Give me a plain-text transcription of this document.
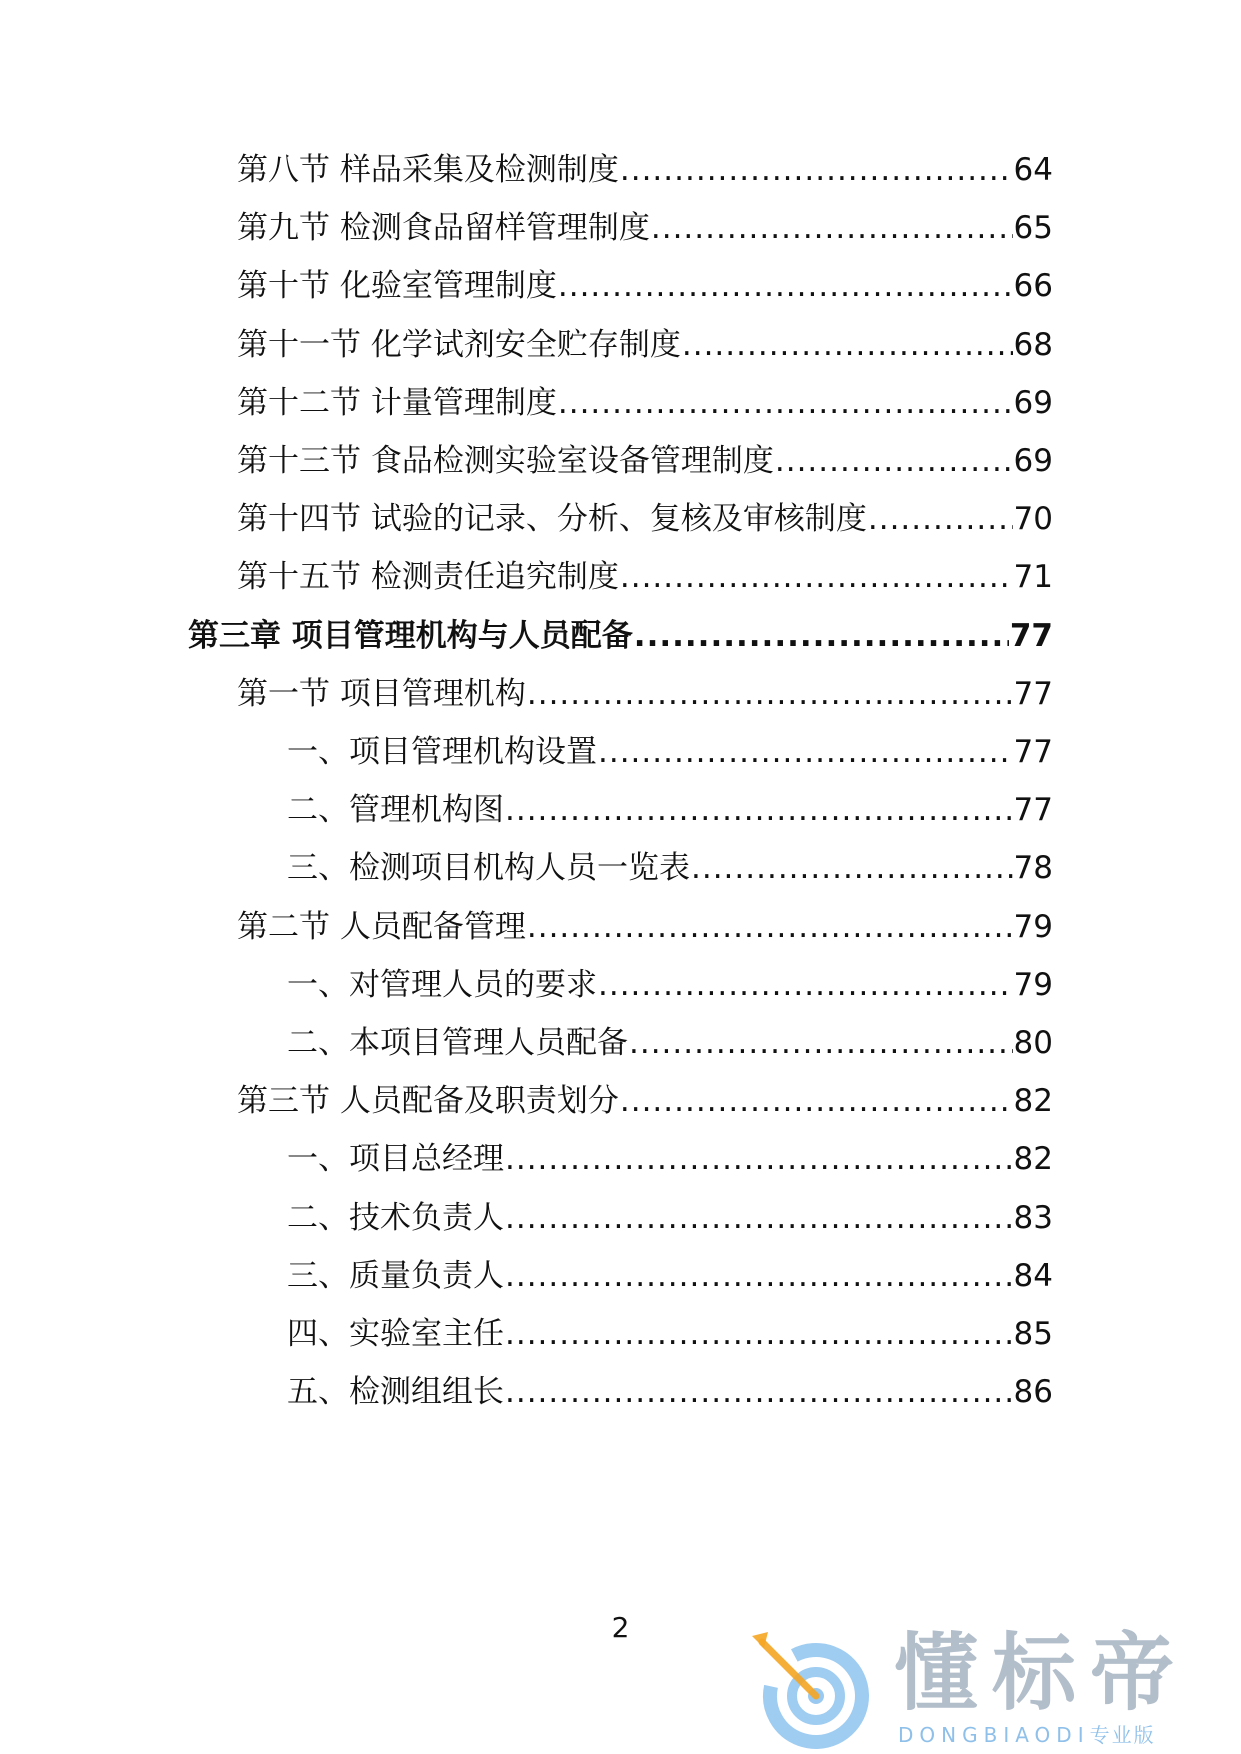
第八节 样品采集及检测制度 .....	64
第九节 检测食品留样管理制度 .....	65
第十节 化验室管理制度 .....	66
第十一节 化学试剂安全贮存制度 .....	68
第十二节 计量管理制度 .....	69
第十三节 食品检测实验室设备管理制度 .....	69
第十四节 试验的记录、分析、复核及审核制度 .....	70
第十五节 检测责任追究制度 .....	71
第三章 项目管理机构与人员配备 .....	77
第一节 项目管理机构 .....	77
一、项目管理机构设置 .....	77
二、管理机构图 .....	77
三、检测项目机构人员一览表 .....	78
第二节 人员配备管理 .....	79
一、对管理人员的要求 .....	79
二、本项目管理人员配备 .....	80
第三节 人员配备及职责划分 .....	82
一、项目总经理 .....	82
二、技术负责人 .....	83
三、质量负责人 .....	84
四、实验室主任 .....	85
五、检测组组长 .....	86
2	懂标帝
DONGBIAODI专业版
